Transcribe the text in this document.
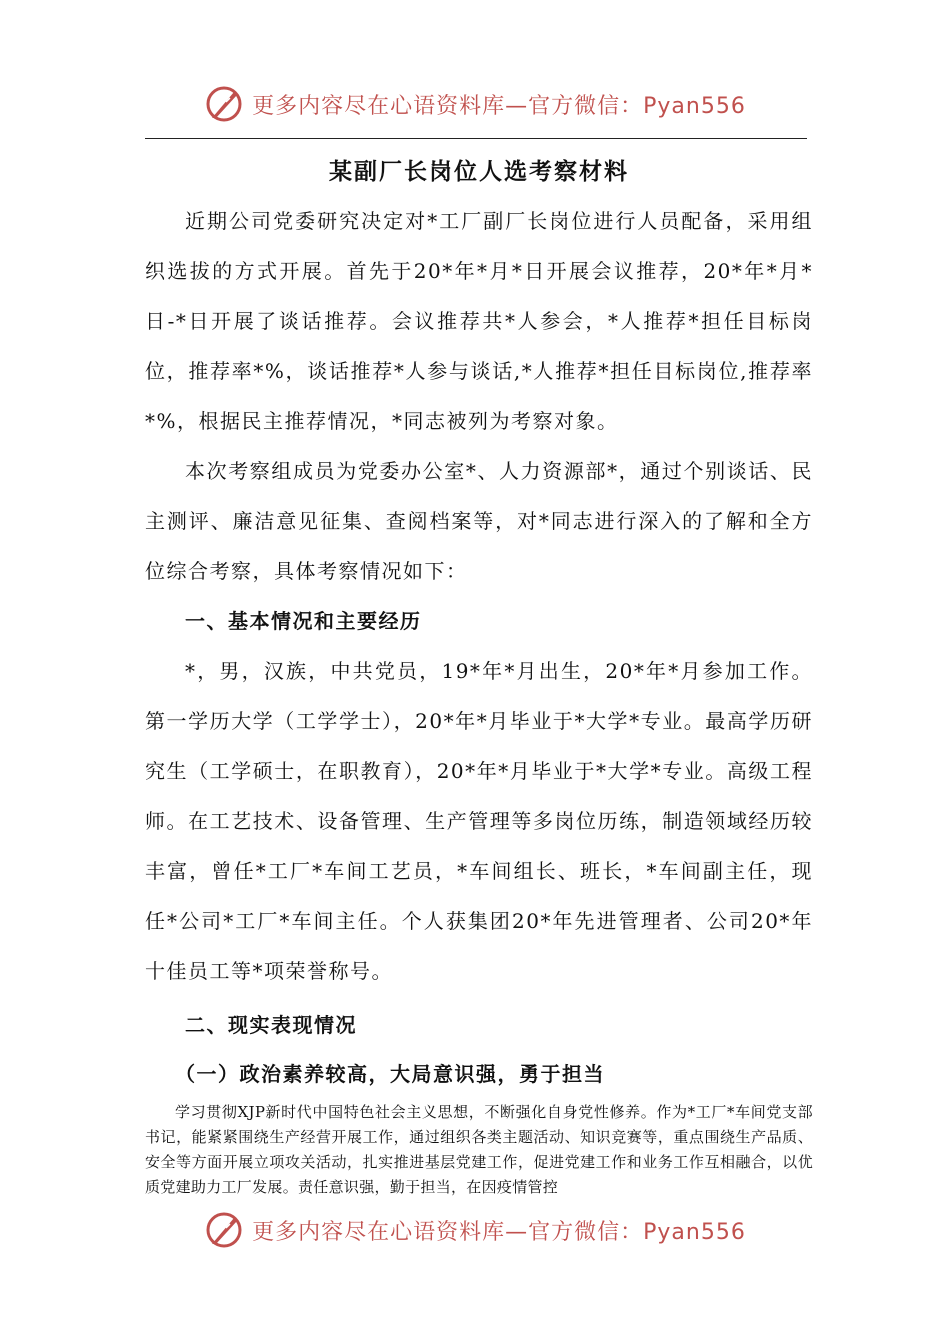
更多内容尽在心语资料库—官方微信：Pyan556
某副厂长岗位人选考察材料

近期公司党委研究决定对*工厂副厂长岗位进行人员配备，采用组织选拔的方式开展。首先于20*年*月*日开展会议推荐，20*年*月*日-*日开展了谈话推荐。会议推荐共*人参会，*人推荐*担任目标岗位，推荐率*%，谈话推荐*人参与谈话,*人推荐*担任目标岗位,推荐率*%，根据民主推荐情况，*同志被列为考察对象。

本次考察组成员为党委办公室*、人力资源部*，通过个别谈话、民主测评、廉洁意见征集、查阅档案等，对*同志进行深入的了解和全方位综合考察，具体考察情况如下：

一、基本情况和主要经历

*，男，汉族，中共党员，19*年*月出生，20*年*月参加工作。第一学历大学（工学学士），20*年*月毕业于*大学*专业。最高学历研究生（工学硕士，在职教育），20*年*月毕业于*大学*专业。高级工程师。在工艺技术、设备管理、生产管理等多岗位历练，制造领域经历较丰富，曾任*工厂*车间工艺员，*车间组长、班长，*车间副主任，现任*公司*工厂*车间主任。个人获集团20*年先进管理者、公司20*年十佳员工等*项荣誉称号。

二、现实表现情况

（一）政治素养较高，大局意识强，勇于担当

学习贯彻XJP新时代中国特色社会主义思想，不断强化自身党性修养。作为*工厂*车间党支部书记，能紧紧围绕生产经营开展工作，通过组织各类主题活动、知识竞赛等，重点围绕生产品质、安全等方面开展立项攻关活动，扎实推进基层党建工作，促进党建工作和业务工作互相融合，以优质党建助力工厂发展。责任意识强，勤于担当，在因疫情管控

更多内容尽在心语资料库—官方微信：Pyan556
